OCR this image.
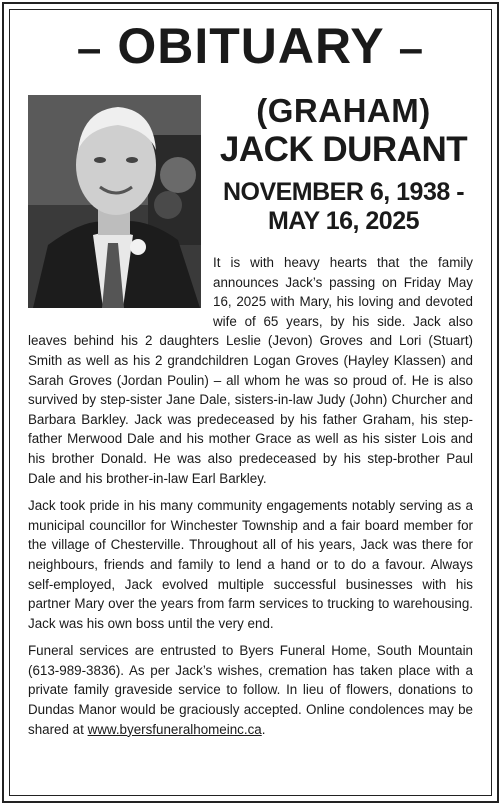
– OBITUARY –
(GRAHAM)
JACK DURANT
NOVEMBER 6, 1938 -
MAY 16, 2025

It is with heavy hearts that the family announces Jack’s passing on Friday May 16, 2025 with Mary, his loving and devoted wife of 65 years, by his side. Jack also leaves behind his 2 daughters Leslie (Jevon) Groves and Lori (Stuart) Smith as well as his 2 grandchildren Logan Groves (Hayley Klassen) and Sarah Groves (Jordan Poulin) – all whom he was so proud of. He is also survived by step-sister Jane Dale, sisters-in-law Judy (John) Churcher and Barbara Barkley. Jack was predeceased by his father Graham, his step-father Merwood Dale and his mother Grace as well as his sister Lois and his brother Donald. He was also predeceased by his step-brother Paul Dale and his brother-in-law Earl Barkley.

Jack took pride in his many community engagements notably serving as a municipal councillor for Winchester Township and a fair board member for the village of Chesterville. Throughout all of his years, Jack was there for neighbours, friends and family to lend a hand or to do a favour. Always self-employed, Jack evolved multiple successful businesses with his partner Mary over the years from farm services to trucking to warehousing. Jack was his own boss until the very end.

Funeral services are entrusted to Byers Funeral Home, South Mountain (613-989-3836). As per Jack’s wishes, cremation has taken place with a private family graveside service to follow. In lieu of flowers, donations to Dundas Manor would be graciously accepted. Online condolences may be shared at www.byersfuneralhomeinc.ca.
